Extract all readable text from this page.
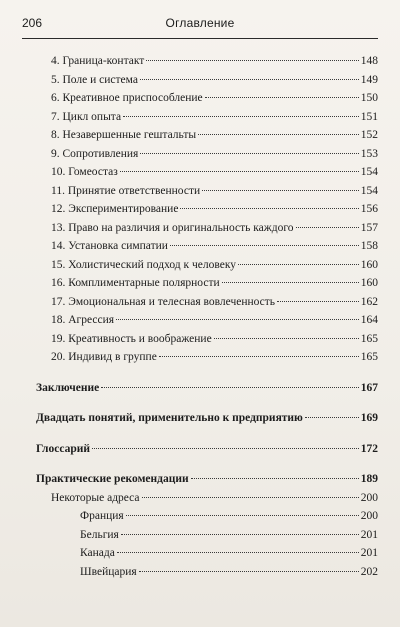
206	Оглавление
4. Граница-контакт	148
5. Поле и система	149
6. Креативное приспособление	150
7. Цикл опыта	151
8. Незавершенные гештальты	152
9. Сопротивления	153
10. Гомеостаз	154
11. Принятие ответственности	154
12. Экспериментирование	156
13. Право на различия и оригинальность каждого	157
14. Установка симпатии	158
15. Холистический подход к человеку	160
16. Комплиментарные полярности	160
17. Эмоциональная и телесная вовлеченность	162
18. Агрессия	164
19. Креативность и воображение	165
20. Индивид в группе	165
Заключение	167
Двадцать понятий, применительно к предприятию	169
Глоссарий	172
Практические рекомендации	189
Некоторые адреса	200
Франция	200
Бельгия	201
Канада	201
Швейцария	202
